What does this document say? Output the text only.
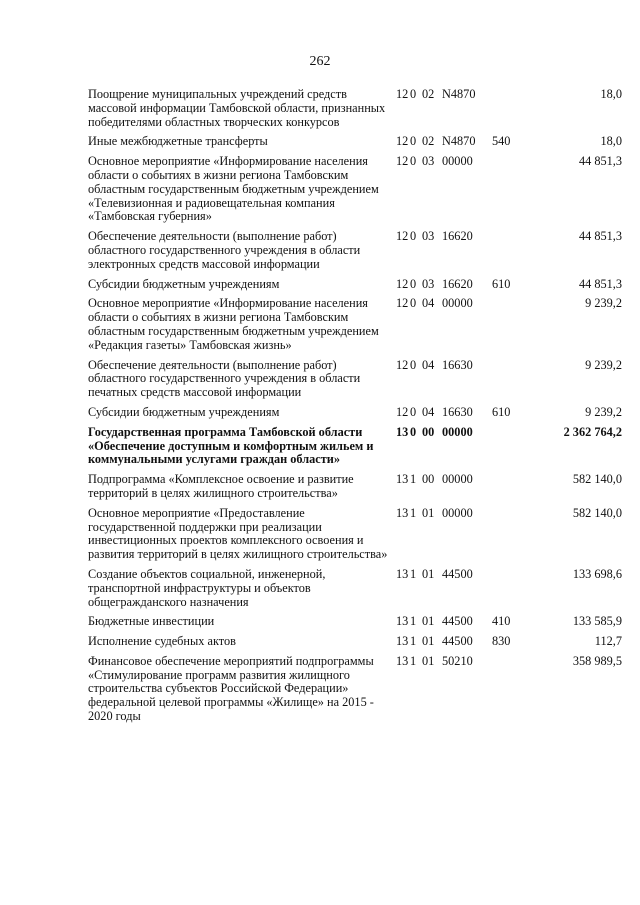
262
Поощрение муниципальных учреждений средств массовой информации Тамбовской области, признанных победителями областных творческих конкурсов	12	0	02	N4870		18,0
Иные межбюджетные трансферты	12	0	02	N4870	540	18,0
Основное мероприятие «Информирование населения области о событиях в жизни региона Тамбовским областным государственным бюджетным учреждением «Телевизионная и радиовещательная компания «Тамбовская губерния»	12	0	03	00000		44 851,3
Обеспечение деятельности (выполнение работ) областного государственного учреждения в области электронных средств массовой информации	12	0	03	16620		44 851,3
Субсидии бюджетным учреждениям	12	0	03	16620	610	44 851,3
Основное мероприятие «Информирование населения области о событиях в жизни региона Тамбовским областным государственным бюджетным учреждением «Редакция газеты» Тамбовская жизнь»	12	0	04	00000		9 239,2
Обеспечение деятельности (выполнение работ) областного государственного учреждения в области печатных средств массовой информации	12	0	04	16630		9 239,2
Субсидии бюджетным учреждениям	12	0	04	16630	610	9 239,2
Государственная программа Тамбовской области «Обеспечение доступным и комфортным жильем и коммунальными услугами граждан области»	13	0	00	00000		2 362 764,2
Подпрограмма «Комплексное освоение и развитие территорий в целях жилищного строительства»	13	1	00	00000		582 140,0
Основное мероприятие «Предоставление государственной поддержки при реализации инвестиционных проектов комплексного освоения и развития территорий в целях жилищного строительства»	13	1	01	00000		582 140,0
Создание объектов социальной, инженерной, транспортной инфраструктуры и объектов общегражданского назначения	13	1	01	44500		133 698,6
Бюджетные инвестиции	13	1	01	44500	410	133 585,9
Исполнение судебных актов	13	1	01	44500	830	112,7
Финансовое обеспечение мероприятий подпрограммы «Стимулирование программ развития жилищного строительства субъектов Российской Федерации» федеральной целевой программы «Жилище» на 2015 - 2020 годы	13	1	01	50210		358 989,5
